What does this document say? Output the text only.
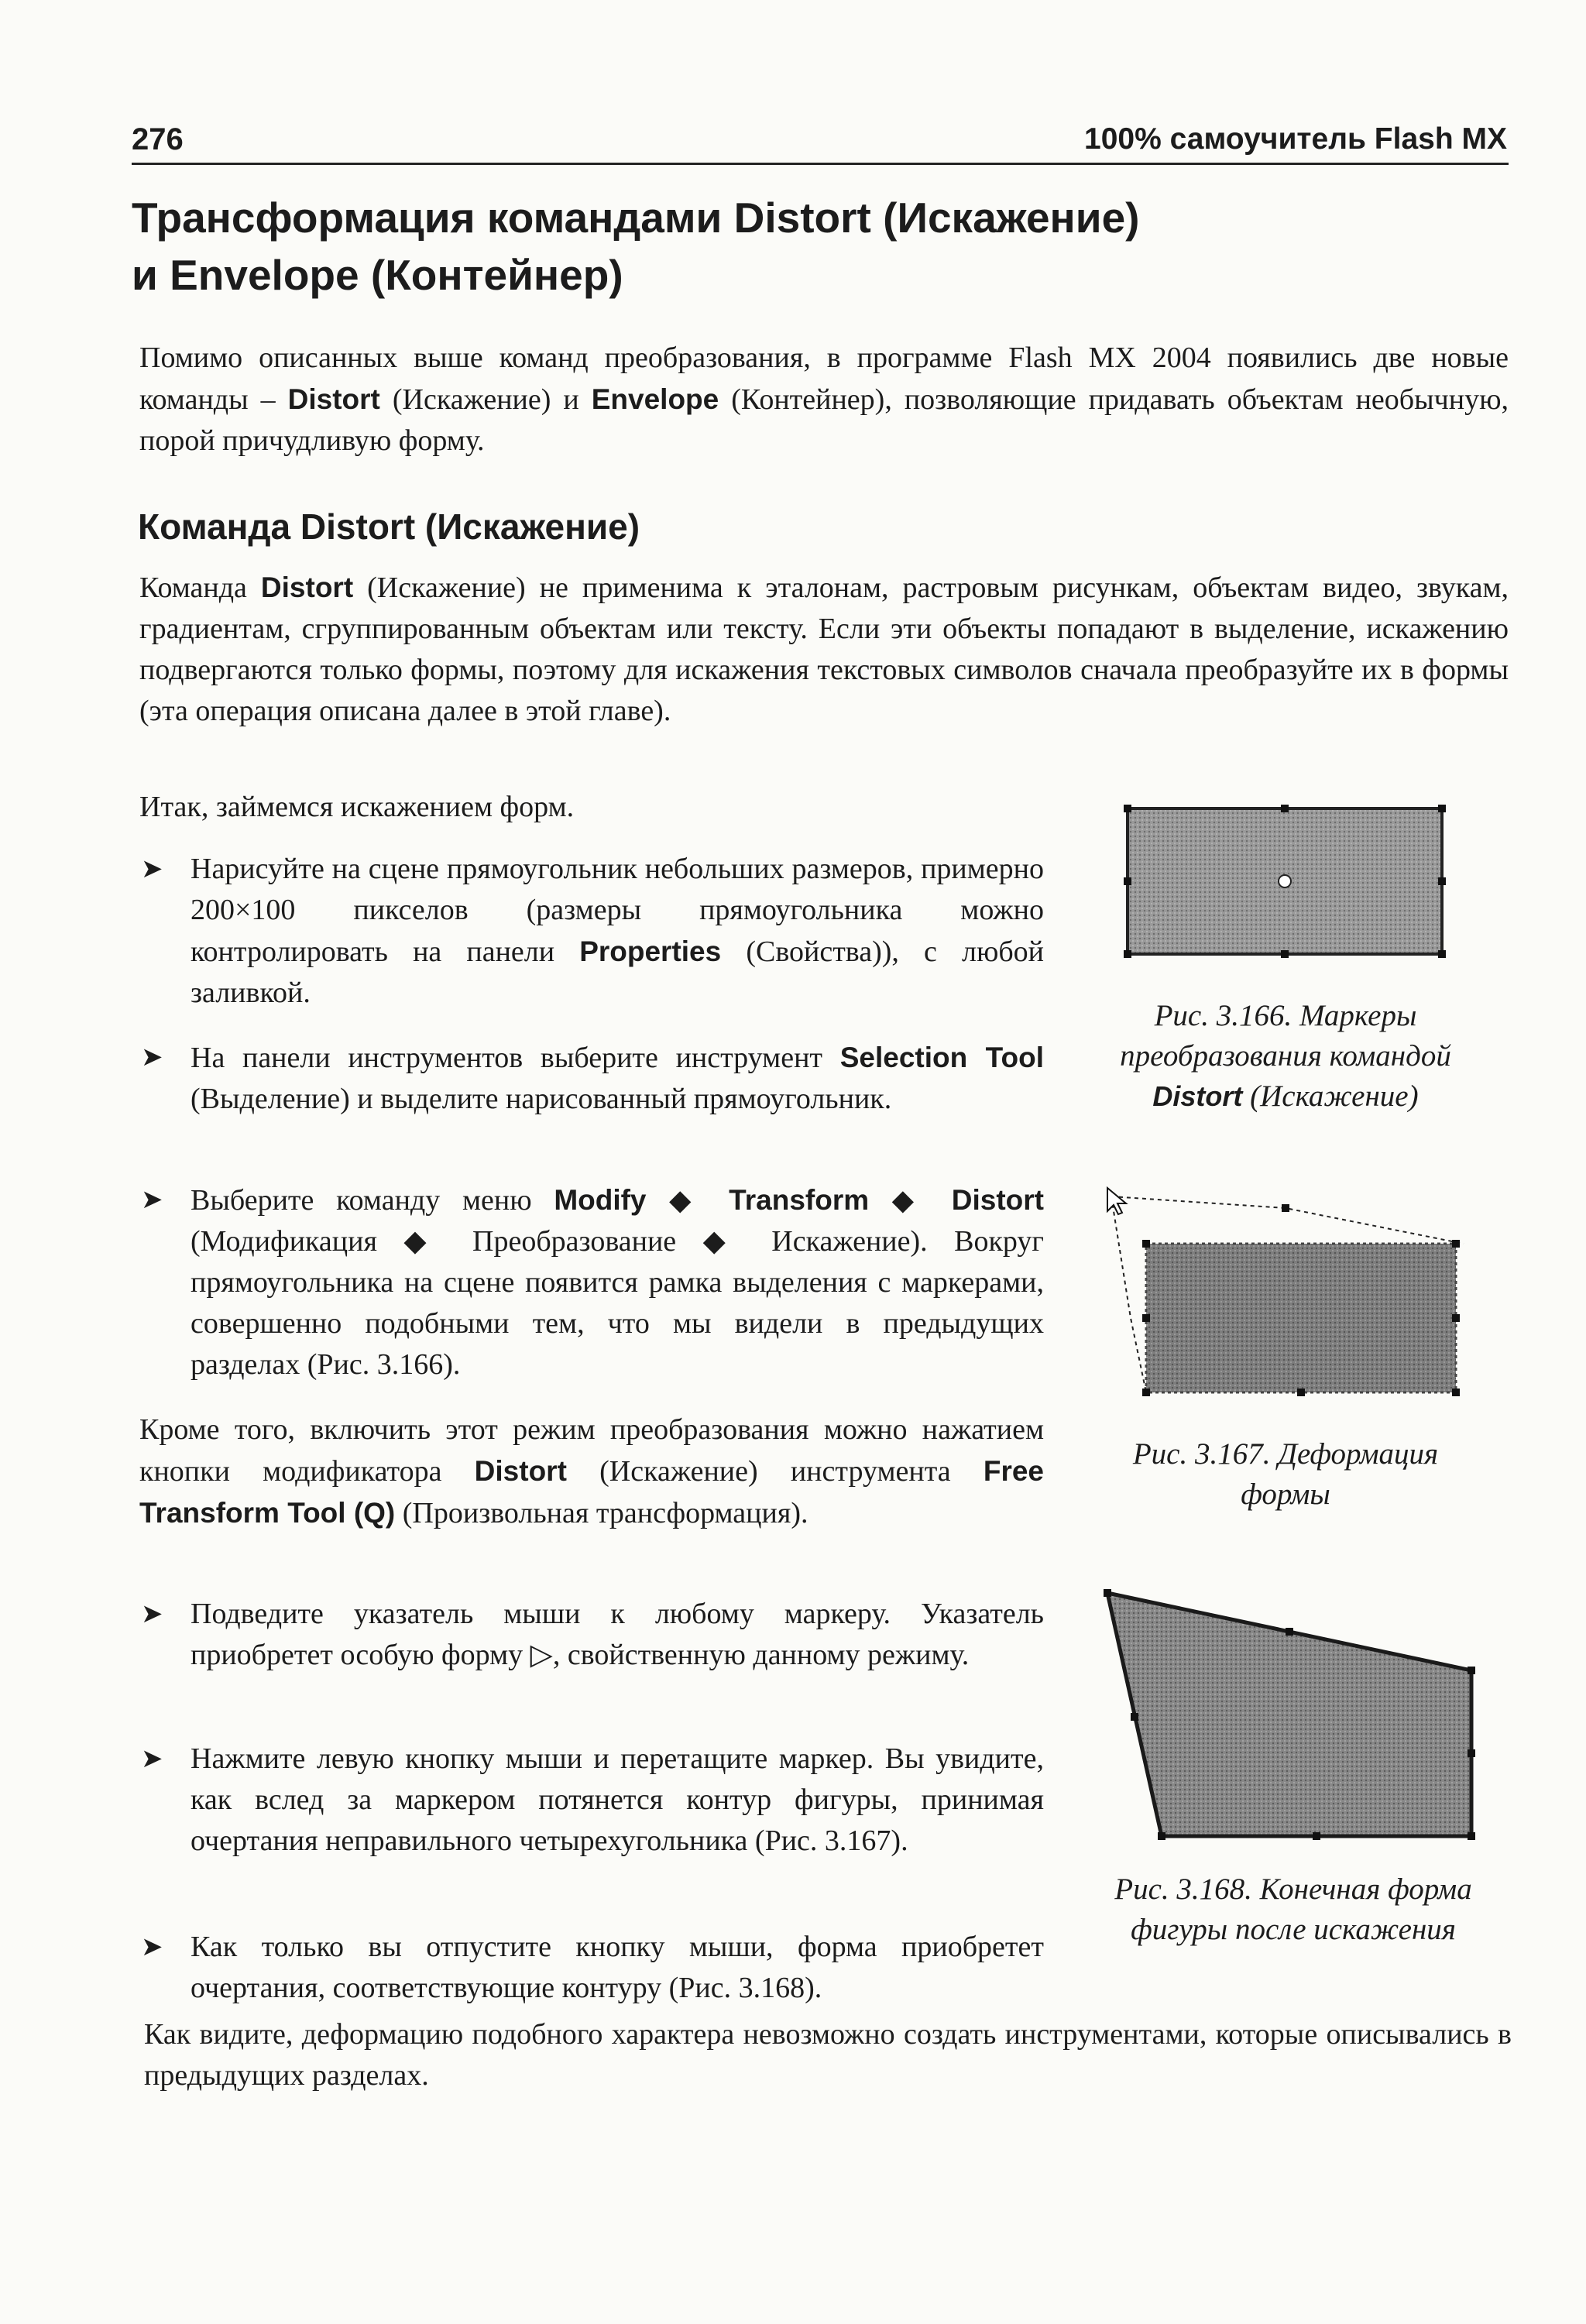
276	100% самоучитель Flash MX
Трансформация командами Distort (Искажение)
и Envelope (Контейнер)
Помимо описанных выше команд преобразования, в программе Flash MX 2004 появились две новые команды – Distort (Искажение) и Envelope (Контейнер), позволяющие придавать объектам необычную, порой причудливую форму.
Команда Distort (Искажение)
Команда Distort (Искажение) не применима к эталонам, растровым рисункам, объектам видео, звукам, градиентам, сгруппированным объектам или тексту. Если эти объекты попадают в выделение, искажению подвергаются только формы, поэтому для искажения текстовых символов сначала преобразуйте их в формы (эта операция описана далее в этой главе).
Итак, займемся искажением форм.
➤ Нарисуйте на сцене прямоугольник небольших размеров, примерно 200×100 пикселов (размеры прямоугольника можно контролировать на панели Properties (Свойства)), с любой заливкой.
➤ На панели инструментов выберите инструмент Selection Tool (Выделение) и выделите нарисованный прямоугольник.
➤ Выберите команду меню Modify ◆ Transform ◆ Distort (Модификация ◆ Преобразование ◆ Искажение). Вокруг прямоугольника на сцене появится рамка выделения с маркерами, совершенно подобными тем, что мы видели в предыдущих разделах (Рис. 3.166).
Кроме того, включить этот режим преобразования можно нажатием кнопки модификатора Distort (Искажение) инструмента Free Transform Tool (Q) (Произвольная трансформация).
➤ Подведите указатель мыши к любому маркеру. Указатель приобретет особую форму ▷, свойственную данному режиму.
➤ Нажмите левую кнопку мыши и перетащите маркер. Вы увидите, как вслед за маркером потянется контур фигуры, принимая очертания неправильного четырехугольника (Рис. 3.167).
➤ Как только вы отпустите кнопку мыши, форма приобретет очертания, соответствующие контуру (Рис. 3.168).
Как видите, деформацию подобного характера невозможно создать инструментами, которые описывались в предыдущих разделах.
Рис. 3.166. Маркеры
преобразования командой
Distort (Искажение)
Рис. 3.167. Деформация
формы
Рис. 3.168. Конечная форма
фигуры после искажения
